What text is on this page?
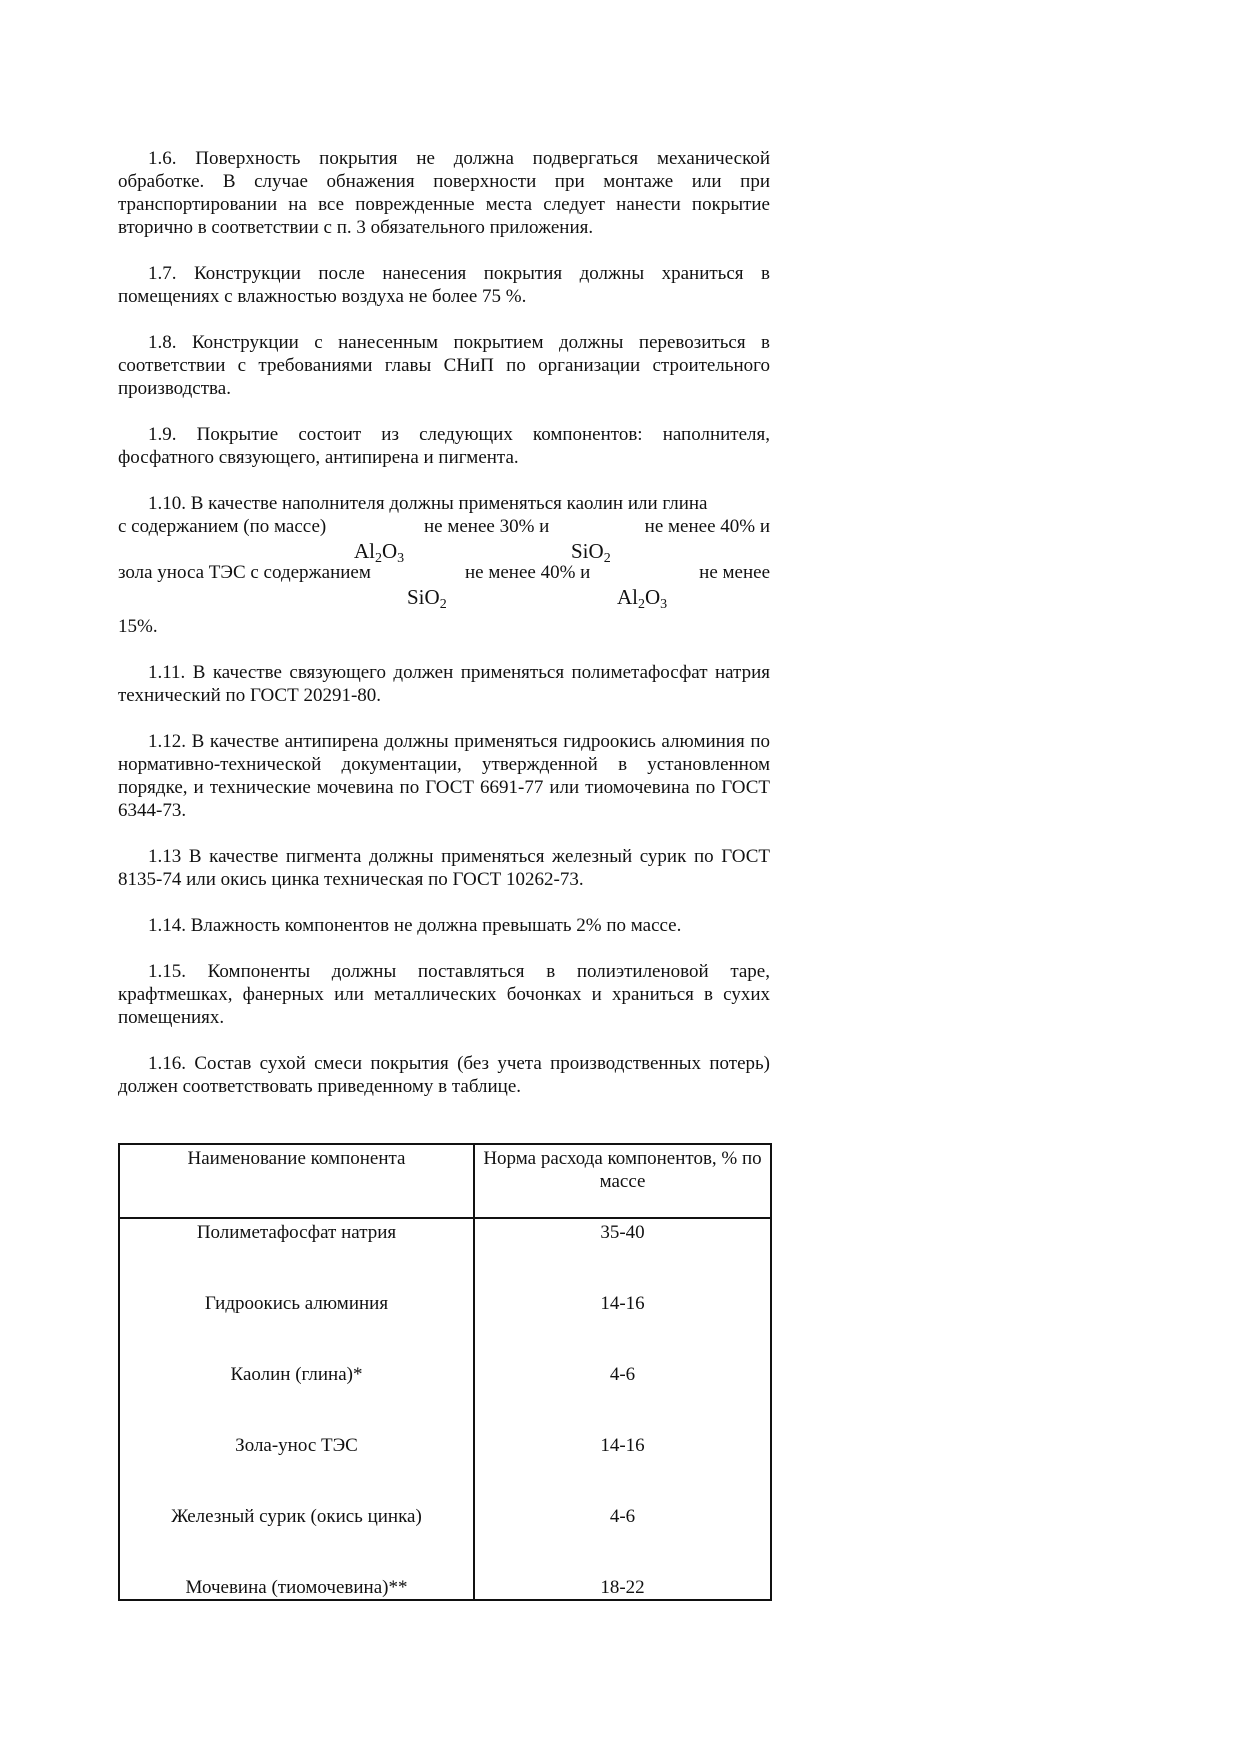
1.6. Поверхность покрытия не должна подвергаться механической обработке. В случае обнажения поверхности при монтаже или при транспортировании на все поврежденные места следует нанести покрытие вторично в соответствии с п. 3 обязательного приложения.

1.7. Конструкции после нанесения покрытия должны храниться в помещениях с влажностью воздуха не более 75 %.

1.8. Конструкции с нанесенным покрытием должны перевозиться в соответствии с требованиями главы СНиП по организации строительного производства.

1.9. Покрытие состоит из следующих компонентов: наполнителя, фосфатного связующего, антипирена и пигмента.

1.10. В качестве наполнителя должны применяться каолин или глина

с содержанием (по массе)	не менее 30% и	не менее 40% и
$Al_2O_3$	SiO$_2$
зола уноса ТЭС с содержанием	не менее 40% и	не менее
SiO$_2$	$Al_2O_3$
15%.

1.11. В качестве связующего должен применяться полиметафосфат натрия технический по ГОСТ 20291-80.

1.12. В качестве антипирена должны применяться гидроокись алюминия по нормативно-технической документации, утвержденной в установленном порядке, и технические мочевина по ГОСТ 6691-77 или тиомочевина по ГОСТ 6344-73.

1.13 В качестве пигмента должны применяться железный сурик по ГОСТ 8135-74 или окись цинка техническая по ГОСТ 10262-73.

1.14. Влажность компонентов не должна превышать 2% по массе.

1.15. Компоненты должны поставляться в полиэтиленовой таре, крафтмешках, фанерных или металлических бочонках и храниться в сухих помещениях.

1.16. Состав сухой смеси покрытия (без учета производственных потерь) должен соответствовать приведенному в таблице.

Наименование компонента	Норма расхода компонентов, % по массе
Полиметафосфат натрия	35-40
Гидроокись алюминия	14-16
Каолин (глина)*	4-6
Зола-унос ТЭС	14-16
Железный сурик (окись цинка)	4-6
Мочевина (тиомочевина)**	18-22
